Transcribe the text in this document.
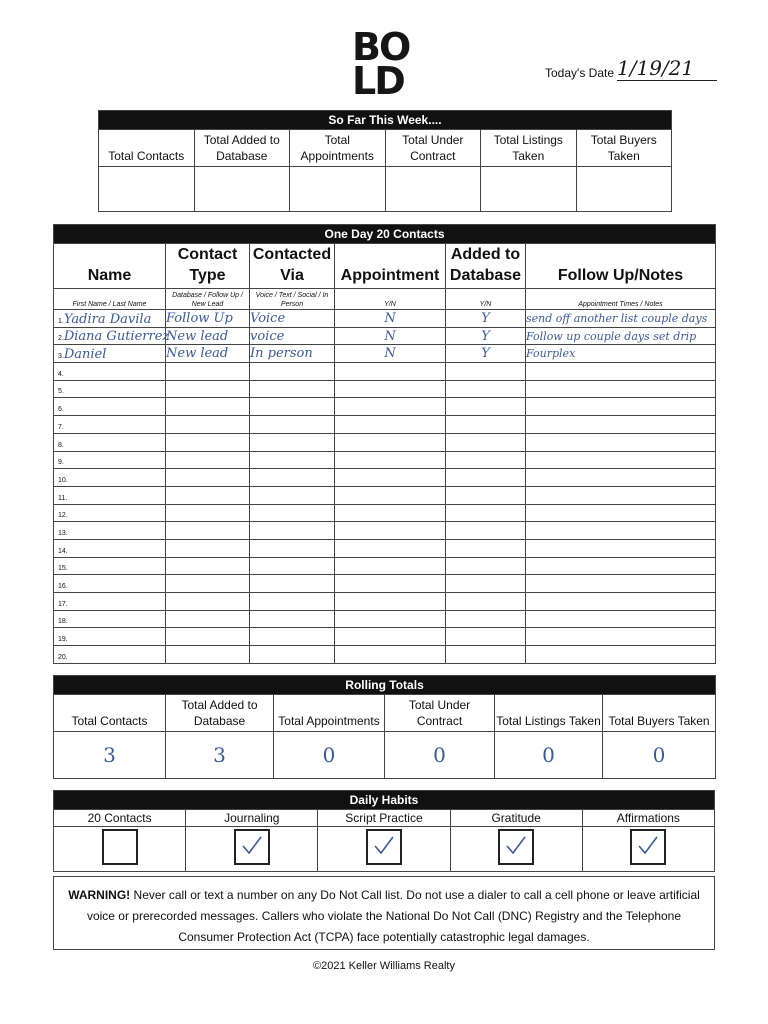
BO
LD	Today's Date 1/19/21
So Far This Week....					
Total Contacts	Total Added to Database	Total Appointments	Total Under Contract	Total Listings Taken	Total Buyers Taken

One Day 20 Contacts					
Name	Contact Type	Contacted Via	Appointment	Added to Database	Follow Up/Notes
First Name / Last Name	Database / Follow Up / New Lead	Voice / Text / Social / In Person	Y/N	Y/N	Appointment Times / Notes
1.Yadira Davila	Follow Up	Voice	N	Y	send off another list couple days
2.Diana Gutierrez	New lead	voice	N	Y	Follow up couple days set drip
3.Daniel	New lead	In person	N	Y	Fourplex
4.			

5.			

6.			

7.			

8.			

9.			

10.			

11.			

12.			

13.			

14.			

15.			

16.			

17.			

18.			

19.			

20.			

Rolling Totals					
Total Contacts	Total Added to Database	Total Appointments	Total Under Contract	Total Listings Taken	Total Buyers Taken
3	3	0	0	0	0
Daily Habits				
20 Contacts	Journaling	Script Practice	Gratitude	Affirmations

WARNING! Never call or text a number on any Do Not Call list. Do not use a dialer to call a cell phone or leave artificial voice or prerecorded messages. Callers who violate the National Do Not Call (DNC) Registry and the Telephone Consumer Protection Act (TCPA) face potentially catastrophic legal damages.
©2021 Keller Williams Realty
